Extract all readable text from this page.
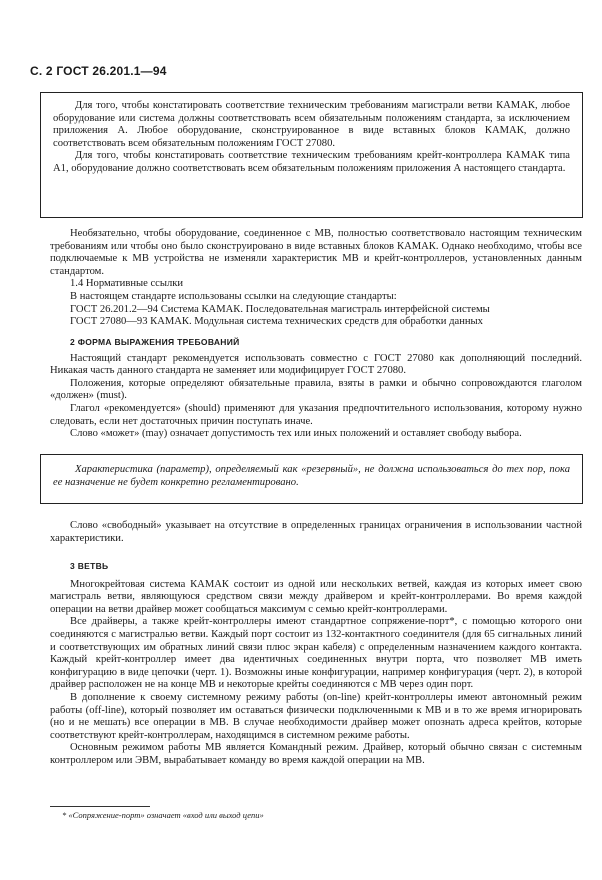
С. 2 ГОСТ 26.201.1—94

Для того, чтобы констатировать соответствие техническим требованиям магистрали ветви КАМАК, любое оборудование или система должны соответствовать всем обязательным положениям стандарта, за исключением приложения А. Любое оборудование, сконструированное в виде вставных блоков КАМАК, должно соответствовать всем обязательным положениям ГОСТ 27080.

Для того, чтобы констатировать соответствие техническим требованиям крейт-контроллера КАМАК типа А1, оборудование должно соответствовать всем обязательным положениям приложения А настоящего стандарта.

Необязательно, чтобы оборудование, соединенное с МВ, полностью соответствовало настоящим техническим требованиям или чтобы оно было сконструировано в виде вставных блоков КАМАК. Однако необходимо, чтобы все подключаемые к МВ устройства не изменяли характеристик МВ и крейт-контроллеров, установленных данным стандартом.

1.4 Нормативные ссылки

В настоящем стандарте использованы ссылки на следующие стандарты:

ГОСТ 26.201.2—94 Система КАМАК. Последовательная магистраль интерфейсной системы

ГОСТ 27080—93 КАМАК. Модульная система технических средств для обработки данных

2 ФОРМА ВЫРАЖЕНИЯ ТРЕБОВАНИЙ

Настоящий стандарт рекомендуется использовать совместно с ГОСТ 27080 как дополняющий последний. Никакая часть данного стандарта не заменяет или модифицирует ГОСТ 27080.

Положения, которые определяют обязательные правила, взяты в рамки и обычно сопровождаются глаголом «должен» (must).

Глагол «рекомендуется» (should) применяют для указания предпочтительного использования, которому нужно следовать, если нет достаточных причин поступать иначе.

Слово «может» (may) означает допустимость тех или иных положений и оставляет свободу выбора.

Характеристика (параметр), определяемый как «резервный», не должна использоваться до тех пор, пока ее назначение не будет конкретно регламентировано.

Слово «свободный» указывает на отсутствие в определенных границах ограничения в использовании частной характеристики.

3 ВЕТВЬ

Многокрейтовая система КАМАК состоит из одной или нескольких ветвей, каждая из которых имеет свою магистраль ветви, являющуюся средством связи между драйвером и крейт-контроллерами. Во время каждой операции на ветви драйвер может сообщаться максимум с семью крейт-контроллерами.

Все драйверы, а также крейт-контроллеры имеют стандартное сопряжение-порт*, с помощью которого они соединяются с магистралью ветви. Каждый порт состоит из 132-контактного соединителя (для 65 сигнальных линий и соответствующих им обратных линий связи плюс экран кабеля) с определенным назначением каждого контакта. Каждый крейт-контроллер имеет два идентичных соединенных внутри порта, что позволяет МВ иметь конфигурацию в виде цепочки (черт. 1). Возможны иные конфигурации, например конфигурация (черт. 2), в которой драйвер расположен не на конце МВ и некоторые крейты соединяются с МВ через один порт.

В дополнение к своему системному режиму работы (on-line) крейт-контроллеры имеют автономный режим работы (off-line), который позволяет им оставаться физически подключенными к МВ и в то же время игнорировать (но и не мешать) все операции в МВ. В случае необходимости драйвер может опознать адреса крейтов, которые соответствуют крейт-контроллерам, находящимся в системном режиме работы.

Основным режимом работы МВ является Командный режим. Драйвер, который обычно связан с системным контроллером или ЭВМ, вырабатывает команду во время каждой операции на МВ.

* «Сопряжение-порт» означает «вход или выход цепи»
